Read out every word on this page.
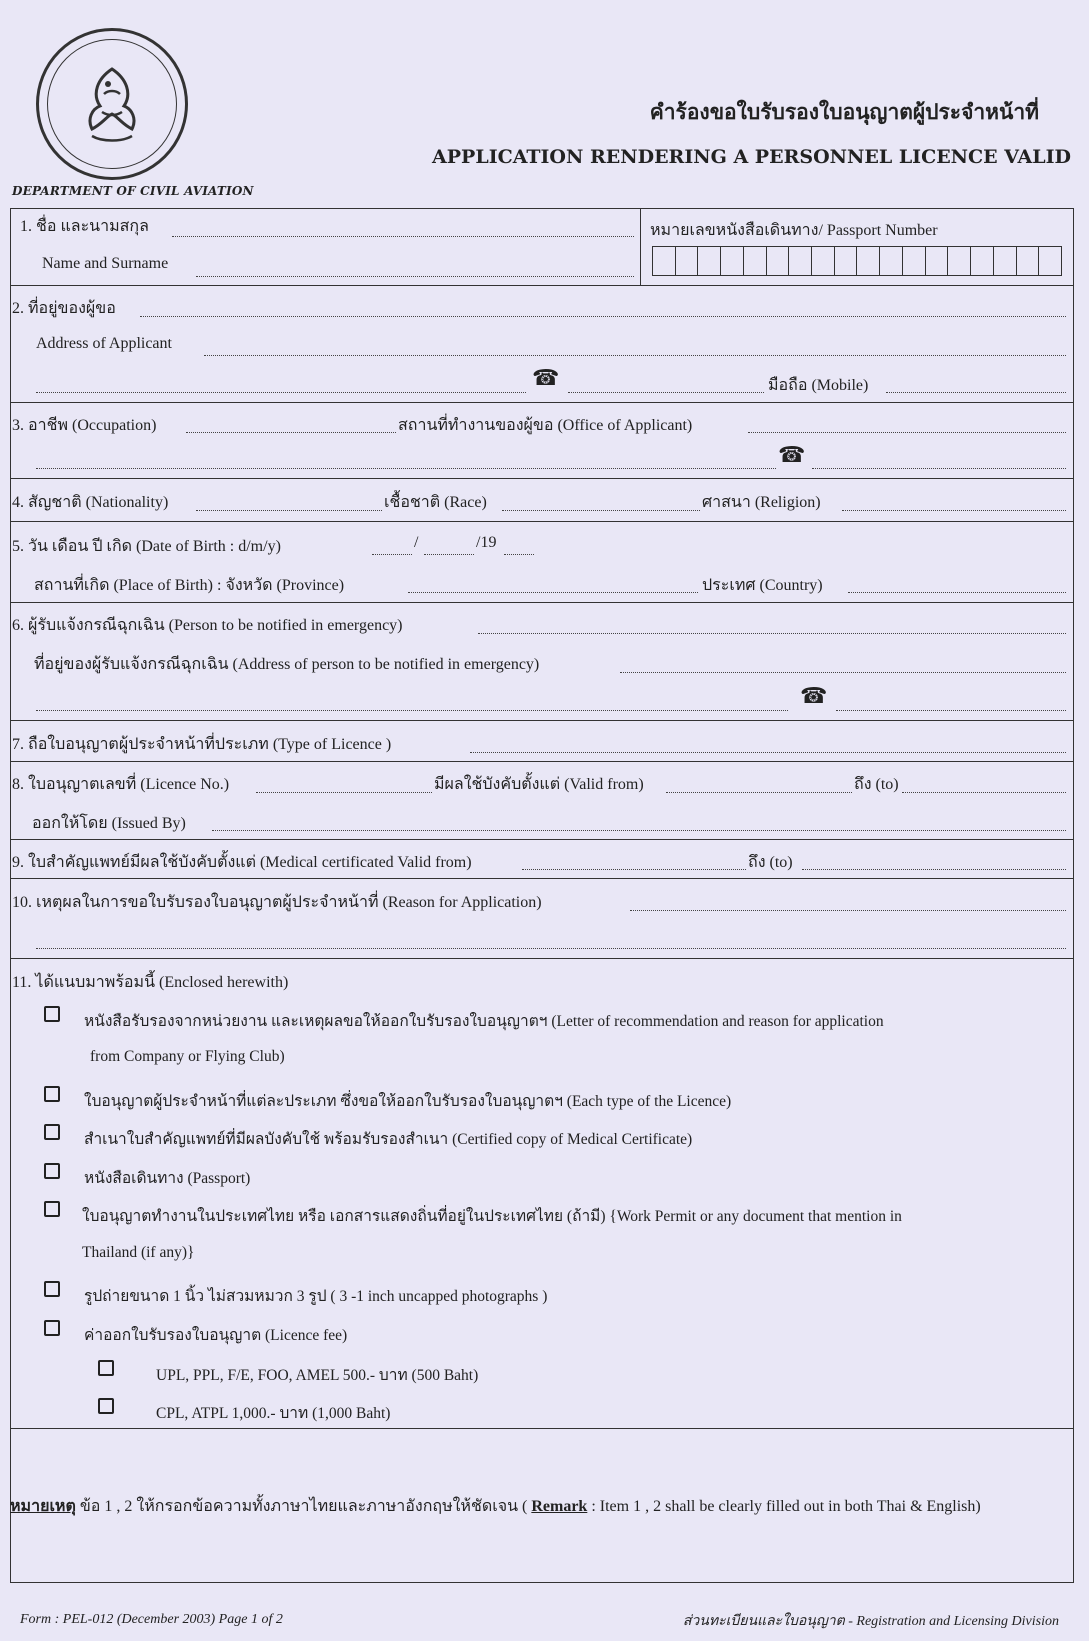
DEPARTMENT OF CIVIL AVIATION
คำร้องขอใบรับรองใบอนุญาตผู้ประจำหน้าที่
APPLICATION RENDERING A PERSONNEL LICENCE VALID
1. ชื่อ และนามสกุล
Name and Surname
หมายเลขหนังสือเดินทาง/ Passport Number
2. ที่อยู่ของผู้ขอ
Address of Applicant
☎	มือถือ (Mobile)
3. อาชีพ (Occupation)	สถานที่ทำงานของผู้ขอ (Office of Applicant)
☎
4. สัญชาติ (Nationality)	เชื้อชาติ (Race)	ศาสนา (Religion)
5. วัน เดือน ปี เกิด (Date of Birth : d/m/y)	/	/19
สถานที่เกิด (Place of Birth) : จังหวัด (Province)	ประเทศ (Country)
6. ผู้รับแจ้งกรณีฉุกเฉิน (Person to be notified in emergency)
ที่อยู่ของผู้รับแจ้งกรณีฉุกเฉิน (Address of person to be notified in emergency)
☎
7. ถือใบอนุญาตผู้ประจำหน้าที่ประเภท (Type of Licence )
8. ใบอนุญาตเลขที่ (Licence No.)	มีผลใช้บังคับตั้งแต่ (Valid from)	ถึง (to)
ออกให้โดย (Issued By)
9. ใบสำคัญแพทย์มีผลใช้บังคับตั้งแต่ (Medical certificated Valid from)	ถึง (to)
10. เหตุผลในการขอใบรับรองใบอนุญาตผู้ประจำหน้าที่ (Reason for Application)
11. ได้แนบมาพร้อมนี้ (Enclosed herewith)
หนังสือรับรองจากหน่วยงาน และเหตุผลขอให้ออกใบรับรองใบอนุญาตฯ (Letter of recommendation and reason for application
from Company or Flying Club)
ใบอนุญาตผู้ประจำหน้าที่แต่ละประเภท ซึ่งขอให้ออกใบรับรองใบอนุญาตฯ (Each type of the Licence)
สำเนาใบสำคัญแพทย์ที่มีผลบังคับใช้ พร้อมรับรองสำเนา (Certified copy of Medical Certificate)
หนังสือเดินทาง (Passport)
ใบอนุญาตทำงานในประเทศไทย หรือ เอกสารแสดงถิ่นที่อยู่ในประเทศไทย (ถ้ามี) {Work Permit or any document that mention in
Thailand (if any)}
รูปถ่ายขนาด 1 นิ้ว ไม่สวมหมวก 3 รูป ( 3 -1 inch uncapped photographs )
ค่าออกใบรับรองใบอนุญาต (Licence fee)
UPL, PPL, F/E, FOO, AMEL 500.- บาท (500 Baht)
CPL, ATPL 1,000.- บาท (1,000 Baht)
หมายเหตุ ข้อ 1 , 2 ให้กรอกข้อความทั้งภาษาไทยและภาษาอังกฤษให้ชัดเจน ( Remark : Item 1 , 2 shall be clearly filled out in both Thai & English)
Form : PEL-012 (December 2003) Page 1 of 2	ส่วนทะเบียนและใบอนุญาต - Registration and Licensing Division
